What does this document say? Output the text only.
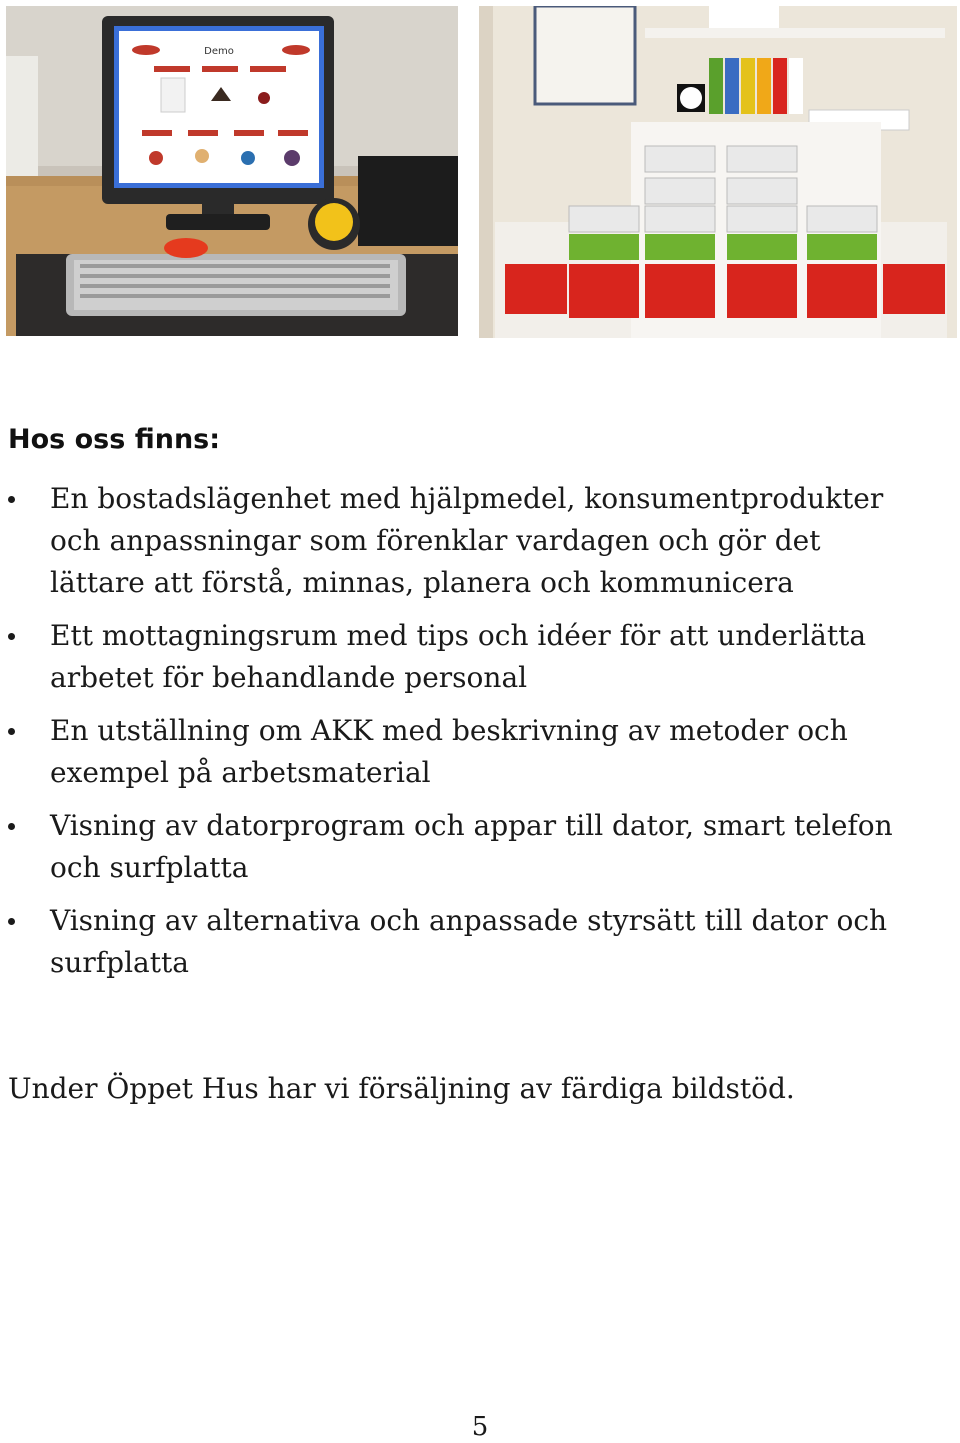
Demo
Hos oss finns:
En bostadslägenhet med hjälpmedel, konsumentprodukter och anpassningar som förenklar vardagen och gör det lättare att förstå, minnas, planera och kommunicera
Ett mottagningsrum med tips och idéer för att underlätta arbetet för behandlande personal
En utställning om AKK med beskrivning av metoder och exempel på arbetsmaterial
Visning av datorprogram och appar till dator, smart telefon och surfplatta
Visning av alternativa och anpassade styrsätt till dator och surfplatta
Under Öppet Hus har vi försäljning av färdiga bildstöd.
5
